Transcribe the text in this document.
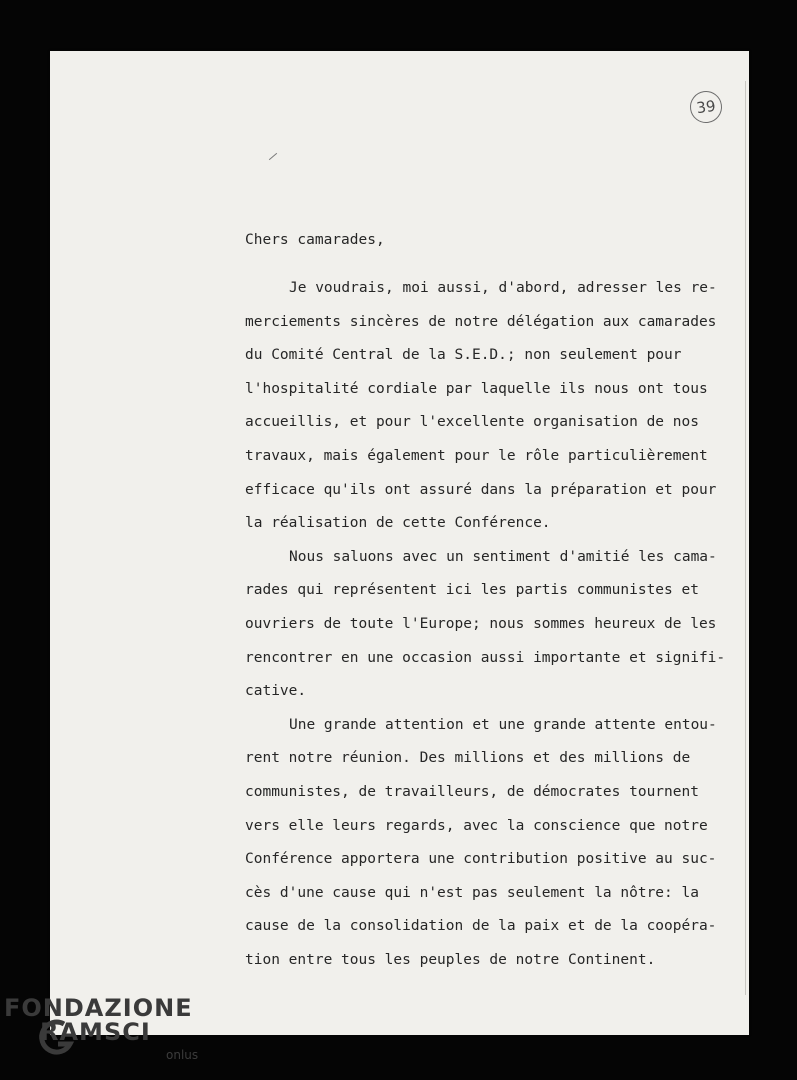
39

Chers camarades,

Je voudrais, moi aussi, d'abord, adresser les re-
merciements sincères de notre délégation aux camarades
du Comité Central de la S.E.D.; non seulement pour
l'hospitalité cordiale par laquelle ils nous ont tous
accueillis, et pour l'excellente organisation de nos
travaux, mais également pour le rôle particulièrement
efficace qu'ils ont assuré dans la préparation et pour
la réalisation de cette Conférence.

Nous saluons avec un sentiment d'amitié les cama-
rades qui représentent ici les partis communistes et
ouvriers de toute l'Europe; nous sommes heureux de les
rencontrer en une occasion aussi importante et signifi-
cative.

Une grande attention et une grande attente entou-
rent notre réunion. Des millions et des millions de
communistes, de travailleurs, de démocrates tournent
vers elle leurs regards, avec la conscience que notre
Conférence apportera une contribution positive au suc-
cès d'une cause qui n'est pas seulement la nôtre: la
cause de la consolidation de la paix et de la coopéra-
tion entre tous les peuples de notre Continent.

FONDAZIONE
RAMSCI
onlus
